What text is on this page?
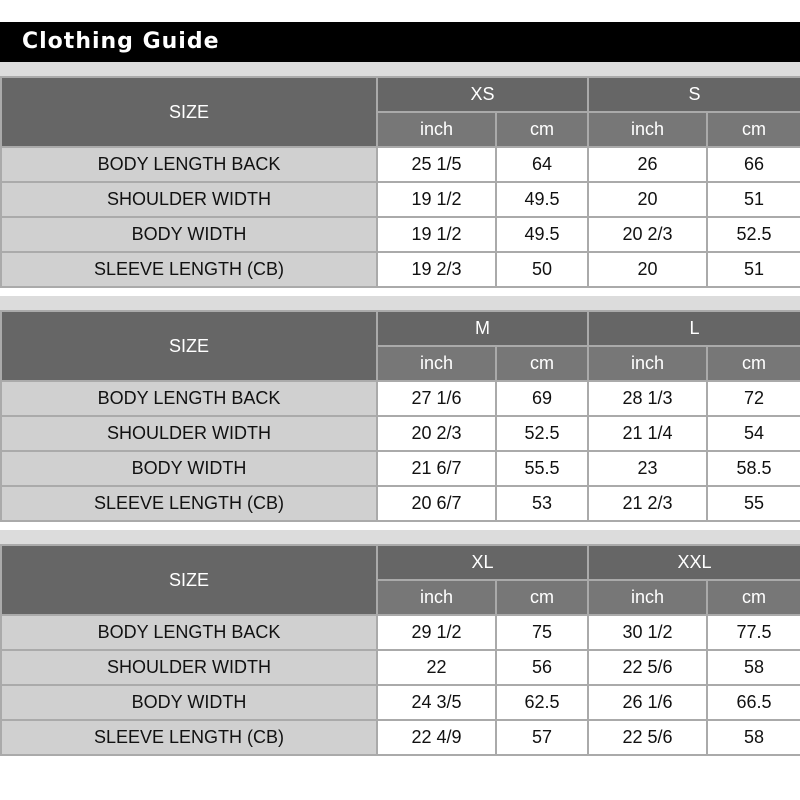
Clothing Guide
SIZE	XS		S	
	inch	cm	inch	cm
BODY LENGTH BACK	25 1/5	64	26	66
SHOULDER WIDTH	19 1/2	49.5	20	51
BODY WIDTH	19 1/2	49.5	20 2/3	52.5
SLEEVE LENGTH (CB)	19 2/3	50	20	51
SIZE	M		L	
	inch	cm	inch	cm
BODY LENGTH BACK	27 1/6	69	28 1/3	72
SHOULDER WIDTH	20 2/3	52.5	21 1/4	54
BODY WIDTH	21 6/7	55.5	23	58.5
SLEEVE LENGTH (CB)	20 6/7	53	21 2/3	55
SIZE	XL		XXL	
	inch	cm	inch	cm
BODY LENGTH BACK	29 1/2	75	30 1/2	77.5
SHOULDER WIDTH	22	56	22 5/6	58
BODY WIDTH	24 3/5	62.5	26 1/6	66.5
SLEEVE LENGTH (CB)	22 4/9	57	22 5/6	58
